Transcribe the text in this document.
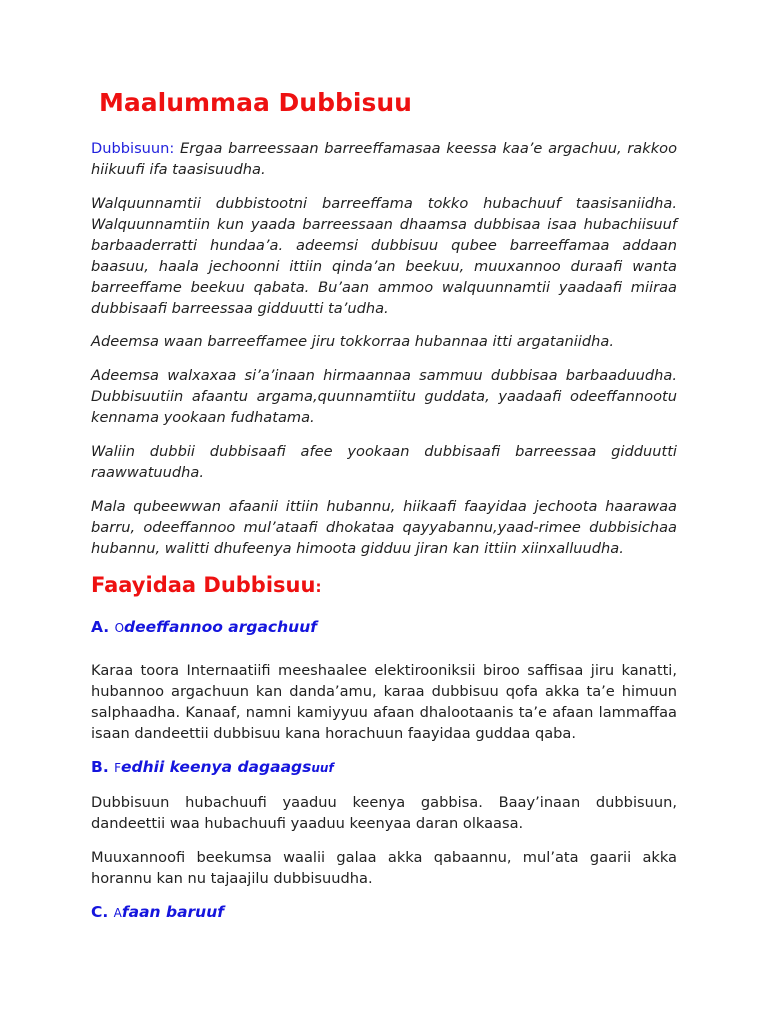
Maalummaa Dubbisuu

Dubbisuun: Ergaa barreessaan barreeffamasaa keessa kaa’e argachuu, rakkoo hiikuufi ifa taasisuudha.

Walquunnamtii dubbistootni barreeffama tokko hubachuuf taasisaniidha. Walquunnamtiin kun yaada barreessaan dhaamsa dubbisaa isaa hubachiisuuf barbaaderratti hundaa’a. adeemsi dubbisuu qubee barreeffamaa addaan baasuu, haala jechoonni ittiin qinda’an beekuu, muuxannoo duraafi wanta barreeffame beekuu qabata. Bu’aan ammoo walquunnamtii yaadaafi miiraa dubbisaafi barreessaa gidduutti ta’udha.

Adeemsa waan barreeffamee jiru tokkorraa hubannaa itti argataniidha.

Adeemsa walxaxaa si’a’inaan hirmaannaa sammuu dubbisaa barbaaduudha. Dubbisuutiin afaantu argama,quunnamtiitu guddata, yaadaafi odeeffannootu kennama yookaan fudhatama.

Waliin dubbii dubbisaafi afee yookaan dubbisaafi barreessaa gidduutti raawwatuudha.

Mala qubeewwan afaanii ittiin hubannu, hiikaafi faayidaa jechoota haarawaa barru, odeeffannoo mul’ataafi dhokataa qayyabannu,yaad-rimee dubbisichaa hubannu, walitti dhufeenya himoota gidduu jiran kan ittiin xiinxalluudha.

Faayidaa Dubbisuu:
A. Odeeffannoo argachuuf

Karaa toora Internaatiifi meeshaalee elektirooniksii biroo saffisaa jiru kanatti, hubannoo argachuun kan danda’amu, karaa dubbisuu qofa akka ta’e himuun salphaadha. Kanaaf, namni kamiyyuu afaan dhalootaanis ta’e afaan lammaffaa isaan dandeettii dubbisuu kana horachuun faayidaa guddaa qaba.

B. Fedhii keenya dagaagsuuf

Dubbisuun hubachuufi yaaduu keenya gabbisa. Baay’inaan dubbisuun, dandeettii waa hubachuufi yaaduu keenyaa daran olkaasa.

Muuxannoofi beekumsa waalii galaa akka qabaannu, mul’ata gaarii akka horannu kan nu tajaajilu dubbisuudha.

C. Afaan baruuf
